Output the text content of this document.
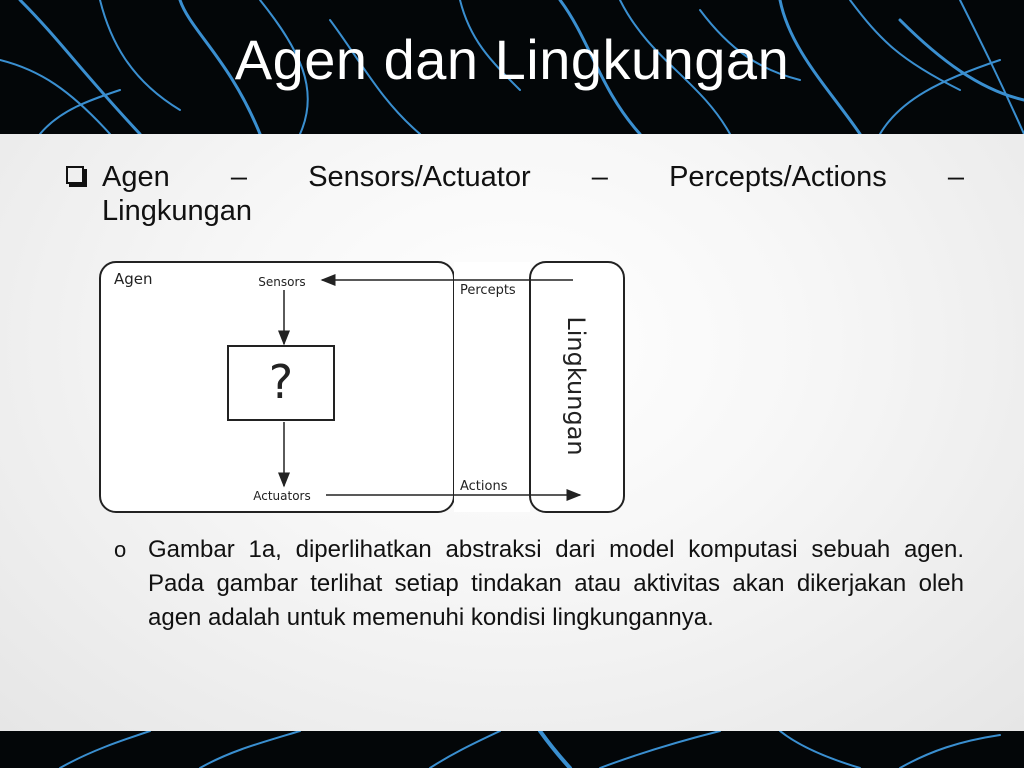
Agen dan Lingkungan
Agen – Sensors/Actuator – Percepts/Actions –
Lingkungan
Agen	Sensors
Actuators
?
Percepts
Actions
Lingkungan
o Gambar 1a, diperlihatkan abstraksi dari model komputasi sebuah agen. Pada gambar terlihat setiap tindakan atau aktivitas akan dikerjakan oleh agen adalah untuk memenuhi kondisi lingkungannya.
